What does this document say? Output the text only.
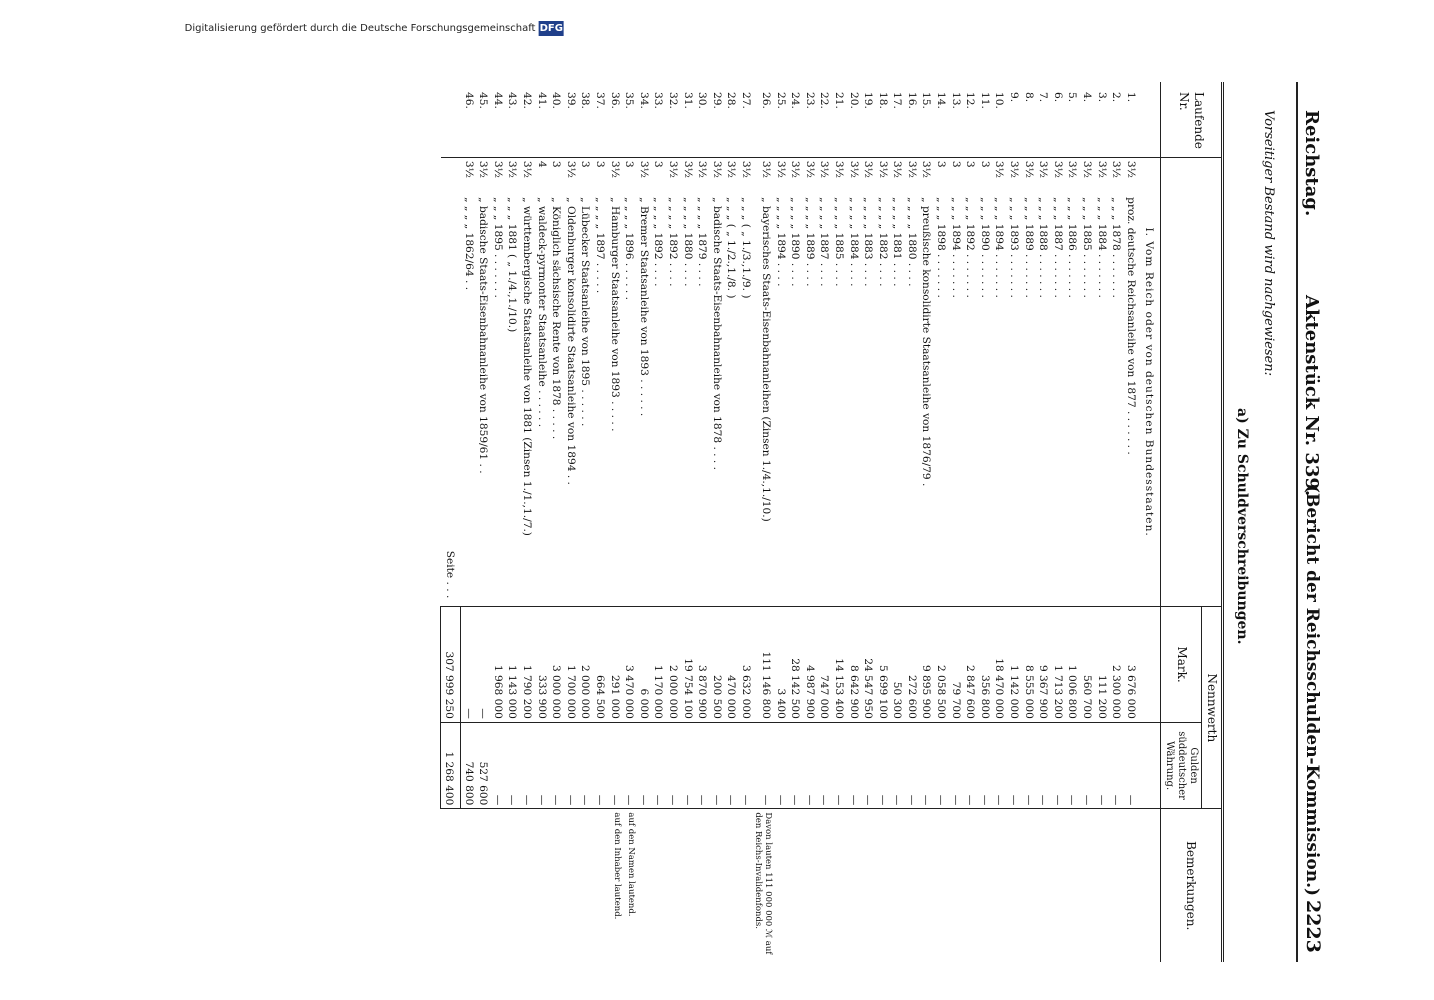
Reichstag.
Aktenstück Nr. 339.
(Bericht der Reichsschulden-Kommission.)
2223
Vorseitiger Bestand wird nachgewiesen:
a) Zu Schuldverschreibungen.
Laufende Nr.			Nennwerth		Bemerkungen.
			Mark.	Gulden süddeutscher Währung.	
	I. Vom Reich oder von deutschen Bundesstaaten.				
1.	3½	proz. deutsche Reichsanleihe von 1877 . . . . . . .	3 676 000	—	
2.	3½	„ „ „ 1878 . . . . . . .	2 300 000	—	
3.	3½	„ „ „ 1884 . . . . . . .	111 200	—	
4.	3½	„ „ „ 1885 . . . . . . .	560 700	—	
5.	3½	„ „ „ 1886 . . . . . . .	1 006 800	—	
6.	3½	„ „ „ 1887 . . . . . . .	1 713 200	—	
7.	3½	„ „ „ 1888 . . . . . . .	9 367 900	—	
8.	3½	„ „ „ 1889 . . . . . . .	8 555 000	—	
9.	3½	„ „ „ 1893 . . . . . . .	1 142 000	—	
10.	3½	„ „ „ 1894 . . . . . . .	18 470 000	—	
11.	3	„ „ „ 1890 . . . . . . .	356 800	—	
12.	3	„ „ „ 1892 . . . . . . .	2 847 600	—	
13.	3	„ „ „ 1894 . . . . . . .	79 700	—	
14.	3	„ „ „ 1898 . . . . . . .	2 058 500	—	
15.	3½	„ preußische konsolidirte Staatsanleihe von 1876/79 .	9 895 900	—	
16.	3½	„ „ „ „ 1880 . . . .	272 600	—	
17.	3½	„ „ „ „ 1881 . . . .	50 300	—	
18.	3½	„ „ „ „ 1882 . . . .	5 699 100	—	
19.	3½	„ „ „ „ 1883 . . . .	24 547 950	—	
20.	3½	„ „ „ „ 1884 . . . .	8 642 900	—	
21.	3½	„ „ „ „ 1885 . . . .	14 153 400	—	
22.	3½	„ „ „ „ 1887 . . . .	747 000	—	
23.	3½	„ „ „ „ 1889 . . . .	4 987 900	—	
24.	3½	„ „ „ „ 1890 . . . .	28 142 500	—	
25.	3½	„ „ „ „ 1894 . . . .	3 400	—	
26.	3½	„ bayerisches Staats-Eisenbahnanleihen (Zinsen 1./4.,1./10.)	111 146 800	—	Davon lauten 111 000 000 ℳ auf den Reichs-Invalidenfonds.
27.	3½	„ „ „ ( „ 1./3.,1./9. )	3 632 000	—	
28.	3½	„ „ „ ( „ 1./2.,1./8. )	470 000	—	
29.	3½	„ badische Staats-Eisenbahnanleihe von 1878 . . . .	200 500	—	
30.	3½	„ „ „ „ 1879 . . . .	3 870 900	—	
31.	3½	„ „ „ „ 1880 . . . .	19 754 100	—	
32.	3½	„ „ „ „ 1892 . . . .	2 000 000	—	
33.	3	„ „ „ „ 1892 . . . .	1 170 000	—	
34.	3½	„ Bremer Staatsanleihe von 1893 . . . . . .	6 000	—	
35.	3	„ „ „ „ 1896 . . . . . .	3 470 000	—	auf den Namen lautend.
36.	3½	„ Hamburger Staatsanleihe von 1893 . . . . .	291 000	—	auf den Inhaber lautend.
37.	3	„ „ „ „ 1897 . . . . .	664 500	—	
38.	3	„ Lübecker Staatsanleihe von 1895 . . . . . .	2 000 000	—	
39.	3½	„ Oldenburger konsolidirte Staatsanleihe von 1894 . .	1 700 000	—	
40.	3	„ Königlich sächsische Rente von 1878 . . . . .	3 000 000	—	
41.	4	„ waldeck-pyrmonter Staatsanleihe . . . . . .	333 900	—	
42.	3½	„ württembergische Staatsanleihe von 1881 (Zinsen 1./1.,1./7.)	1 790 200	—	
43.	3½	„ „ „ 1881 ( „ 1./4.,1./10.)	1 143 000	—	
44.	3½	„ „ „ 1895 . . . . . . .	1 968 000	—	
45.	3½	„ badische Staats-Eisenbahnanleihe von 1859/61 . .	—	527 600	
46.	3½	„ „ „ „ 1862/64 . .	—	740 800	
		Seite . . .	307 999 250	1 268 400	
Digitalisierung gefördert durch die Deutsche Forschungsgemeinschaft DFG
